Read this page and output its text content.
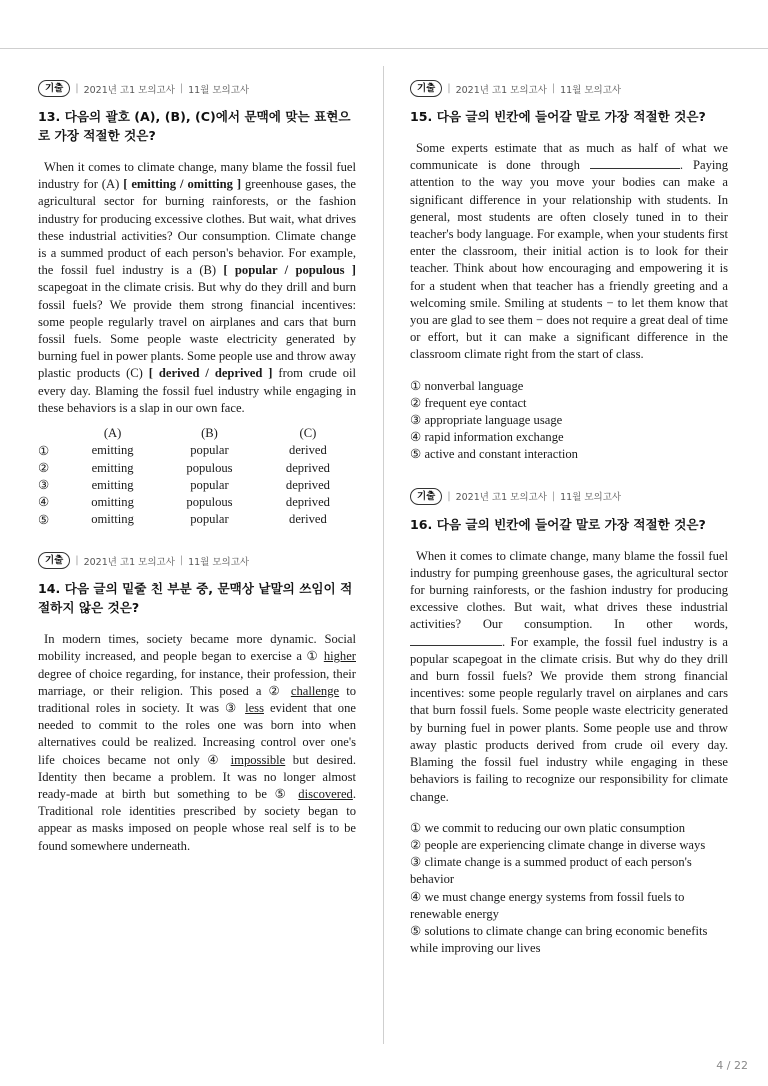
기출	| 2021년 고1 모의고사 | 11월 모의고사
13. 다음의 괄호 (A), (B), (C)에서 문맥에 맞는 표현으로 가장 적절한 것은?
When it comes to climate change, many blame the fossil fuel industry for (A) [ emitting / omitting ] greenhouse gases, the agricultural sector for burning rainforests, or the fashion industry for producing excessive clothes. But wait, what drives these industrial activities? Our consumption. Climate change is a summed product of each person's behavior. For example, the fossil fuel industry is a (B) [ popular / populous ] scapegoat in the climate crisis. But why do they drill and burn fossil fuels? We provide them strong financial incentives: some people regularly travel on airplanes and cars that burn fossil fuels. Some people waste electricity generated by burning fuel in power plants. Some people use and throw away plastic products (C) [ derived / deprived ] from crude oil every day. Blaming the fossil fuel industry while engaging in these behaviors is a slap in our own face.
	(A)	(B)	(C)
①	emitting	popular	derived
②	emitting	populous	deprived
③	emitting	popular	deprived
④	omitting	populous	deprived
⑤	omitting	popular	derived
기출	| 2021년 고1 모의고사 | 11월 모의고사
14. 다음 글의 밑줄 친 부분 중, 문맥상 낱말의 쓰임이 적절하지 않은 것은?
In modern times, society became more dynamic. Social mobility increased, and people began to exercise a ① higher degree of choice regarding, for instance, their profession, their marriage, or their religion. This posed a ② challenge to traditional roles in society. It was ③ less evident that one needed to commit to the roles one was born into when alternatives could be realized. Increasing control over one's life choices became not only ④ impossible but desired. Identity then became a problem. It was no longer almost ready-made at birth but something to be ⑤ discovered. Traditional role identities prescribed by society began to appear as masks imposed on people whose real self is to be found somewhere underneath.
기출	| 2021년 고1 모의고사 | 11월 모의고사
15. 다음 글의 빈칸에 들어갈 말로 가장 적절한 것은?
Some experts estimate that as much as half of what we communicate is done through	. Paying attention to the way you move your bodies can make a significant difference in your relationship with students. In general, most students are often closely tuned in to their teacher's body language. For example, when your students first enter the classroom, their initial action is to look for their teacher. Think about how encouraging and empowering it is for a student when that teacher has a friendly greeting and a welcoming smile. Smiling at students − to let them know that you are glad to see them − does not require a great deal of time or effort, but it can make a significant difference in the classroom climate right from the start of class.
① nonverbal language
② frequent eye contact
③ appropriate language usage
④ rapid information exchange
⑤ active and constant interaction
기출	| 2021년 고1 모의고사 | 11월 모의고사
16. 다음 글의 빈칸에 들어갈 말로 가장 적절한 것은?
When it comes to climate change, many blame the fossil fuel industry for pumping greenhouse gases, the agricultural sector for burning rainforests, or the fashion industry for producing excessive clothes. But wait, what drives these industrial activities? Our consumption. In other words, . For example, the fossil fuel industry is a popular scapegoat in the climate crisis. But why do they drill and burn fossil fuels? We provide them strong financial incentives: some people regularly travel on airplanes and cars that burn fossil fuels. Some people waste electricity generated by burning fuel in power plants. Some people use and throw away plastic products derived from crude oil every day. Blaming the fossil fuel industry while engaging in these behaviors is failing to recognize our responsibility for climate change.
① we commit to reducing our own platic consumption
② people are experiencing climate change in diverse ways
③ climate change is a summed product of each person's behavior
④ we must change energy systems from fossil fuels to renewable energy
⑤ solutions to climate change can bring economic benefits while improving our lives
4 / 22
